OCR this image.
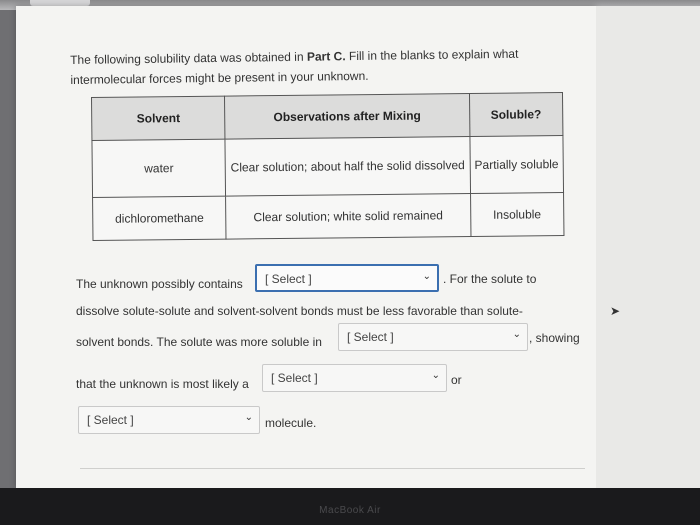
➤
The following solubility data was obtained in Part C. Fill in the blanks to explain what intermolecular forces might be present in your unknown.
Solvent	Observations after Mixing	Soluble?
water	Clear solution; about half the solid dissolved	Partially soluble
dichloromethane	Clear solution; white solid remained	Insoluble
The unknown possibly contains [ Select ]	⌄ . For the solute to
dissolve solute-solute and solvent-solvent bonds must be less favorable than solute-
solvent bonds. The solute was more soluble in [ Select ]	⌄ , showing
that the unknown is most likely a [ Select ]	⌄ or
[ Select ]	⌄ molecule.
MacBook Air
